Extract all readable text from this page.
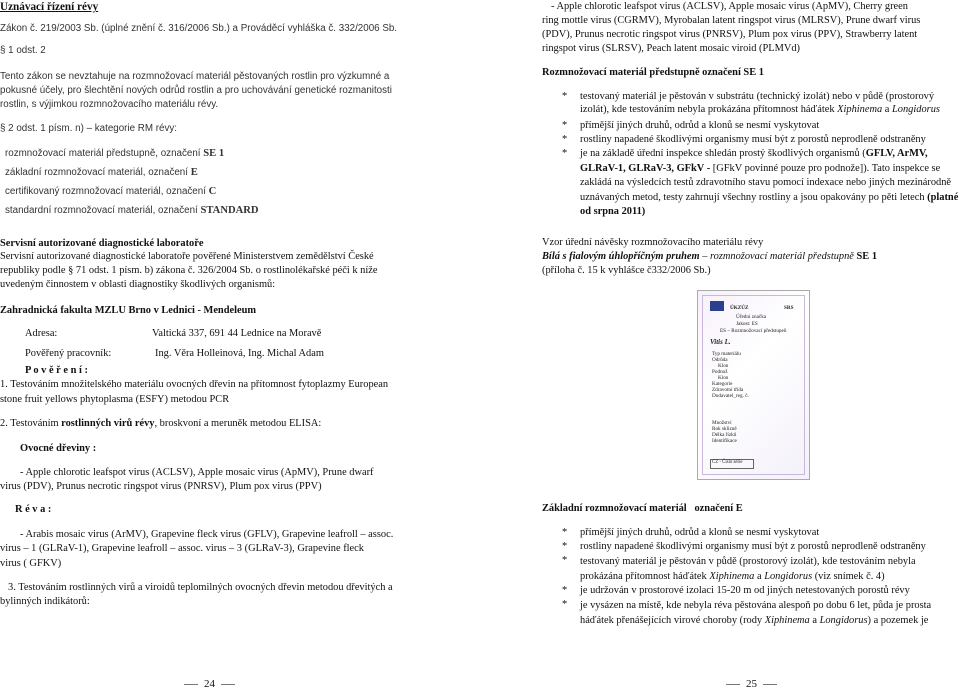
Uznávací řízení révy
Zákon č. 219/2003 Sb. (úplné znění č. 316/2006 Sb.) a Prováděcí vyhláška č. 332/2006 Sb.
§ 1 odst. 2
Tento zákon se nevztahuje na rozmnožovací materiál pěstovaných rostlin pro výzkumné a
pokusné účely, pro šlechtění nových odrůd rostlin a pro uchovávání genetické rozmanitosti
rostlin, s výjimkou rozmnožovacího materiálu révy.
§ 2 odst. 1 písm. n) – kategorie RM révy:
rozmnožovací materiál předstupně, označení SE 1
základní rozmnožovací materiál, označení E
certifikovaný rozmnožovací materiál, označení C
standardní rozmnožovací materiál, označení STANDARD
Servisní autorizované diagnostické laboratoře
Servisní autorizované diagnostické laboratoře pověřené Ministerstvem zemědělství České
republiky podle § 71 odst. 1 písm. b) zákona č. 326/2004 Sb. o rostlinolékařské péči k níže
uvedeným činnostem v oblasti diagnostiky škodlivých organismů:
Zahradnická fakulta MZLU Brno v Lednici - Mendeleum
Adresa:	Valtická 337, 691 44 Lednice na Moravě
Pověřený pracovník:	Ing. Věra Holleinová, Ing. Michal Adam
P o v ě ř e n í :
1. Testováním množitelského materiálu ovocných dřevin na přítomnost fytoplazmy European
stone fruit yellows phytoplasma (ESFY) metodou PCR
2. Testováním rostlinných virů révy, broskvoní a meruněk metodou ELISA:
Ovocné dřeviny :
- Apple chlorotic leafspot virus (ACLSV), Apple mosaic virus (ApMV), Prune dwarf
virus (PDV), Prunus necrotic ringspot virus (PNRSV), Plum pox virus (PPV)
R é v a :
- Arabis mosaic virus (ArMV), Grapevine fleck virus (GFLV), Grapevine leafroll – assoc.
virus – 1 (GLRaV-1), Grapevine leafroll – assoc. virus – 3 (GLRaV-3), Grapevine fleck
virus ( GFKV)
3. Testováním rostlinných virů a viroidů teplomilných ovocných dřevin metodou dřevitých a
bylinných indikátorů:
24
- Apple chlorotic leafspot virus (ACLSV), Apple mosaic virus (ApMV), Cherry green
ring mottle virus (CGRMV), Myrobalan latent ringspot virus (MLRSV), Prune dwarf virus
(PDV), Prunus necrotic ringspot virus (PNRSV), Plum pox virus (PPV), Strawberry latent
ringspot virus (SLRSV), Peach latent mosaic viroid (PLMVd)
Rozmnožovací materiál předstupně označení SE 1
* testovaný materiál je pěstován v substrátu (technický izolát) nebo v půdě (prostorový izolát), kde testováním nebyla prokázána přítomnost háďátek Xiphinema a Longidorus
* přímější jiných druhů, odrůd a klonů se nesmí vyskytovat
* rostliny napadené škodlivými organismy musí být z porostů neprodleně odstraněny
* je na základě úřední inspekce shledán prostý škodlivých organismů (GFLV, ArMV, GLRaV-1, GLRaV-3, GFkV - [GFkV povinné pouze pro podnože]). Tato inspekce se zakládá na výsledcích testů zdravotního stavu pomocí indexace nebo jiných mezinárodně uznávaných metod, testy zahrnují všechny rostliny a jsou opakovány po pěti letech (platné od srpna 2011)
Vzor úřední návěsky rozmnožovacího materiálu révy
Bílá s fialovým úhlopříčným pruhem – rozmnožovací materiál předstupně SE 1
(příloha č. 15 k vyhlášce č332/2006 Sb.)
ÚKZÚZ	SRS
Úřední značka
Jakost: ES
ES – Rozmnožovací předstupeň
Vitis L.
Typ materiálu
Odrůda
Klon
Podnož
Klon
Kategorie
Zdravotní třída
Dodavatel_reg. č.
Množství
Rok sklizně
Délka řízků
Identifikace
CZ - Číslo série
Základní rozmnožovací materiál označení E
* přímější jiných druhů, odrůd a klonů se nesmí vyskytovat
* rostliny napadené škodlivými organismy musí být z porostů neprodleně odstraněny
* testovaný materiál je pěstován v půdě (prostorový izolát), kde testováním nebyla prokázána přítomnost háďátek Xiphinema a Longidorus (viz snímek č. 4)
* je udržován v prostorové izolaci 15-20 m od jiných netestovaných porostů révy
* je vysázen na místě, kde nebyla réva pěstována alespoň po dobu 6 let, půda je prosta háďátek přenášejících virové choroby (rody Xiphinema a Longidorus) a pozemek je
25
